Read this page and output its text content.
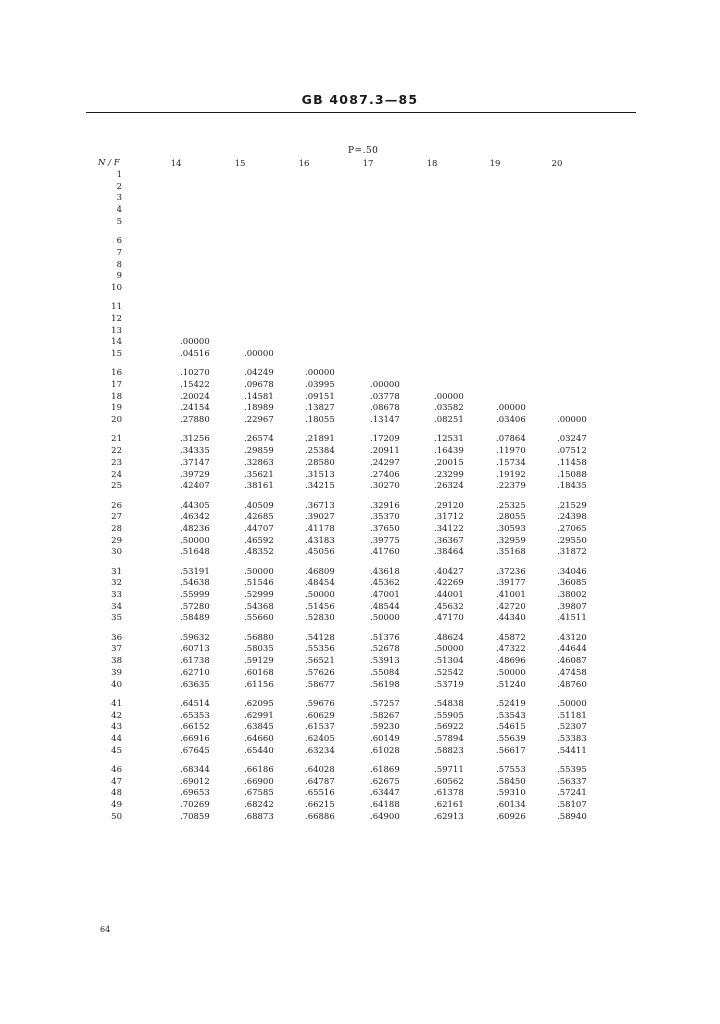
GB 4087.3—85
P=.50
N / F	14	15	16	17	18	19	20
1
2
3
4
5
6
7
8
9
10
11
12
13
14	.00000
15	.04516	.00000
16	.10270	.04249	.00000
17	.15422	.09678	.03995	.00000
18	.20024	.14581	.09151	.03778	.00000
19	.24154	.18989	.13827	.08678	.03582	.00000
20	.27880	.22967	.18055	.13147	.08251	.03406	.00000
21	.31256	.26574	.21891	.17209	.12531	.07864	.03247
22	.34335	.29859	.25384	.20911	.16439	.11970	.07512
23	.37147	.32863	.28580	.24297	.20015	.15734	.11458
24	.39729	.35621	.31513	.27406	.23299	.19192	.15088
25	.42407	.38161	.34215	.30270	.26324	.22379	.18435
26	.44305	.40509	.36713	.32916	.29120	.25325	.21529
27	.46342	.42685	.39027	.35370	.31712	.28055	.24398
28	.48236	.44707	.41178	.37650	.34122	.30593	.27065
29	.50000	.46592	.43183	.39775	.36367	.32959	.29550
30	.51648	.48352	.45056	.41760	.38464	.35168	.31872
31	.53191	.50000	.46809	.43618	.40427	.37236	.34046
32	.54638	.51546	.48454	.45362	.42269	.39177	.36085
33	.55999	.52999	.50000	.47001	.44001	.41001	.38002
34	.57280	.54368	.51456	.48544	.45632	.42720	.39807
35	.58489	.55660	.52830	.50000	.47170	.44340	.41511
36	.59632	.56880	.54128	.51376	.48624	.45872	.43120
37	.60713	.58035	.55356	.52678	.50000	.47322	.44644
38	.61738	.59129	.56521	.53913	.51304	.48696	.46087
39	.62710	.60168	.57626	.55084	.52542	.50000	.47458
40	.63635	.61156	.58677	.56198	.53719	.51240	.48760
41	.64514	.62095	.59676	.57257	.54838	.52419	.50000
42	.65353	.62991	.60629	.58267	.55905	.53543	.51181
43	.66152	.63845	.61537	.59230	.56922	.54615	.52307
44	.66916	.64660	.62405	.60149	.57894	.55639	.53383
45	.67645	.65440	.63234	.61028	.58823	.56617	.54411
46	.68344	.66186	.64028	.61869	.59711	.57553	.55395
47	.69012	.66900	.64787	.62675	.60562	.58450	.56337
48	.69653	.67585	.65516	.63447	.61378	.59310	.57241
49	.70269	.68242	.66215	.64188	.62161	.60134	.58107
50	.70859	.68873	.66886	.64900	.62913	.60926	.58940
64
